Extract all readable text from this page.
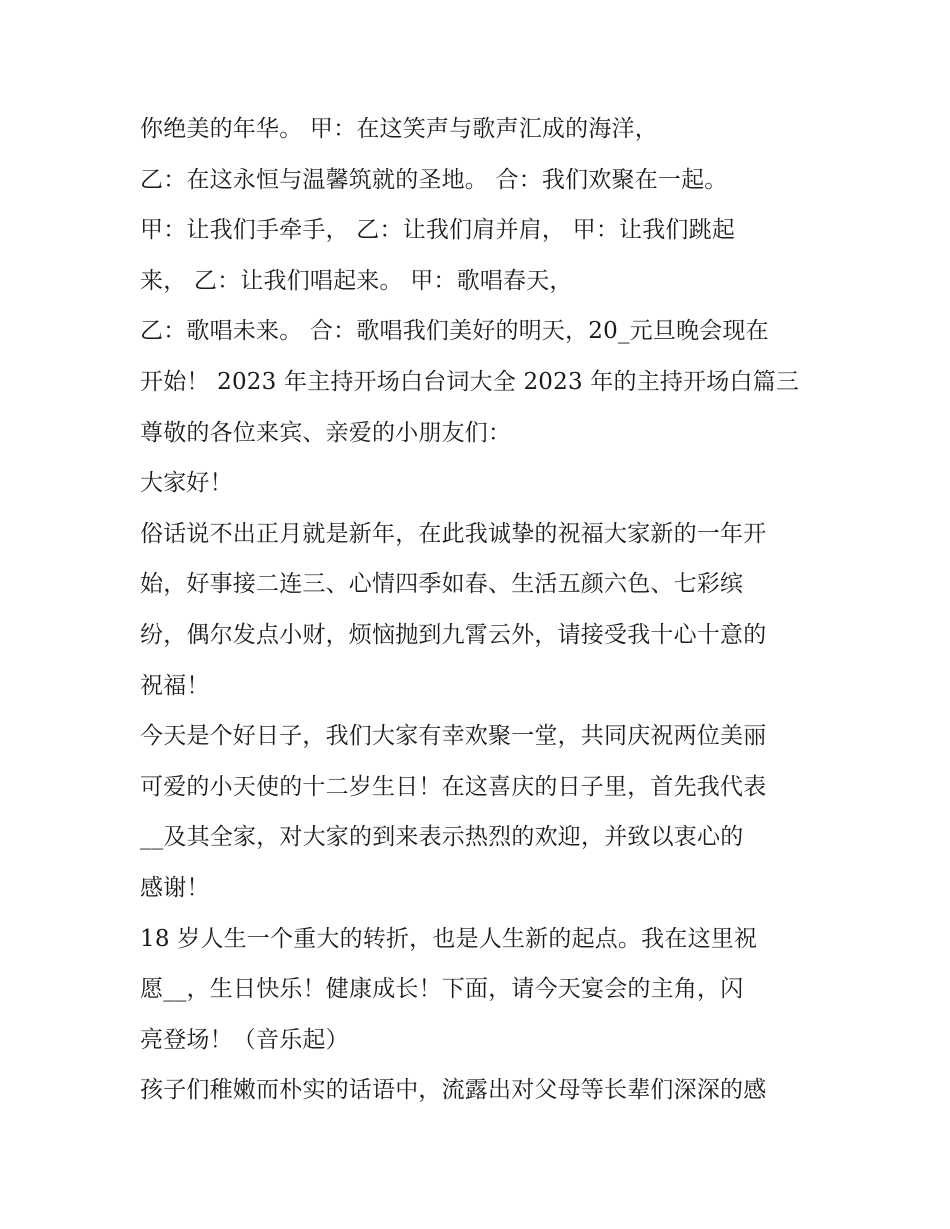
你绝美的年华。 甲：在这笑声与歌声汇成的海洋，
乙：在这永恒与温馨筑就的圣地。 合：我们欢聚在一起。
甲：让我们手牵手， 乙：让我们肩并肩， 甲：让我们跳起
来， 乙：让我们唱起来。 甲：歌唱春天，
乙：歌唱未来。 合：歌唱我们美好的明天，20_元旦晚会现在
开始！ 2023 年主持开场白台词大全 2023 年的主持开场白篇三
尊敬的各位来宾、亲爱的小朋友们：
大家好！
俗话说不出正月就是新年，在此我诚挚的祝福大家新的一年开
始，好事接二连三、心情四季如春、生活五颜六色、七彩缤
纷，偶尔发点小财，烦恼抛到九霄云外，请接受我十心十意的
祝福！
今天是个好日子，我们大家有幸欢聚一堂，共同庆祝两位美丽
可爱的小天使的十二岁生日！在这喜庆的日子里，首先我代表
__及其全家，对大家的到来表示热烈的欢迎，并致以衷心的
感谢！
18 岁人生一个重大的转折，也是人生新的起点。我在这里祝
愿__，生日快乐！健康成长！下面，请今天宴会的主角，闪
亮登场！（音乐起）
孩子们稚嫩而朴实的话语中，流露出对父母等长辈们深深的感
